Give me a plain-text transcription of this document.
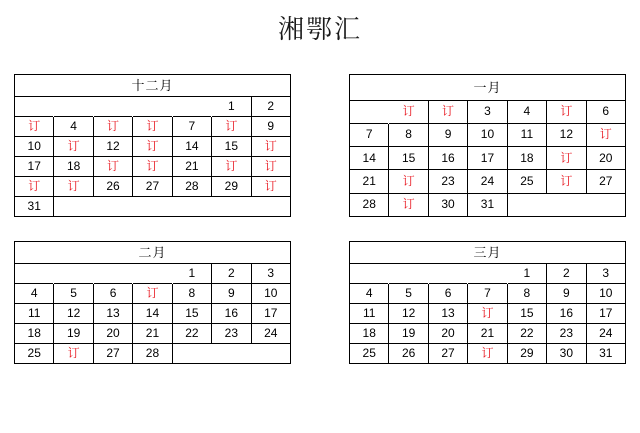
湘鄂汇
十二月						
					1	2
订	4	订	订	7	订	9
10	订	12	订	14	15	订
17	18	订	订	21	订	订
订	订	26	27	28	29	订
31						
一月						
	订	订	3	4	订	6
7	8	9	10	11	12	订
14	15	16	17	18	订	20
21	订	23	24	25	订	27
28	订	30	31			
二月						
				1	2	3
4	5	6	订	8	9	10
11	12	13	14	15	16	17
18	19	20	21	22	23	24
25	订	27	28			
三月						
				1	2	3
4	5	6	7	8	9	10
11	12	13	订	15	16	17
18	19	20	21	22	23	24
25	26	27	订	29	30	31
